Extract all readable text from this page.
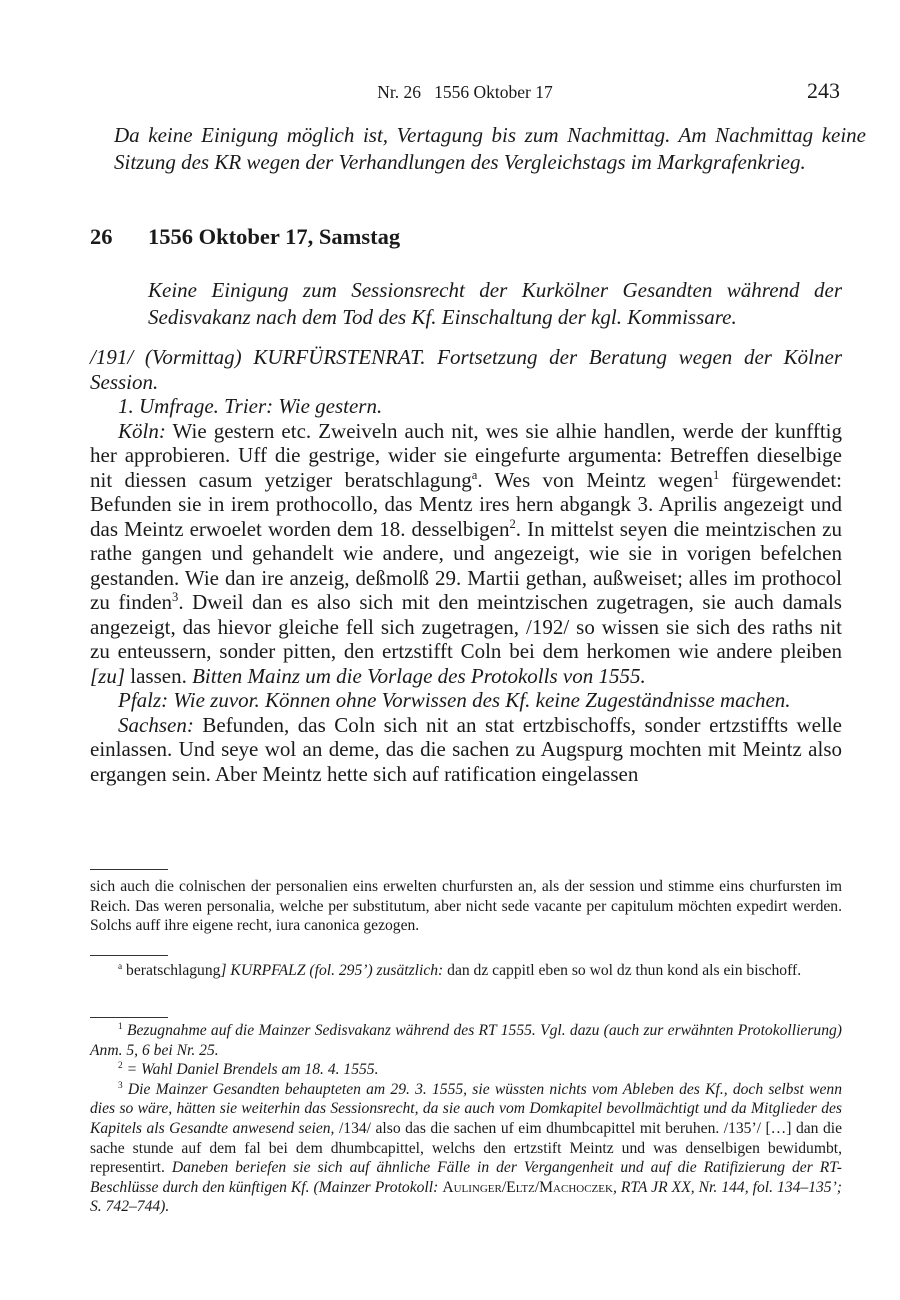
Nr. 26   1556 Oktober 17	243

Da keine Einigung möglich ist, Vertagung bis zum Nachmittag. Am Nachmittag keine Sitzung des KR wegen der Verhandlungen des Vergleichstags im Markgrafenkrieg.

26 1556 Oktober 17, Samstag

Keine Einigung zum Sessionsrecht der Kurkölner Gesandten während der Sedisvakanz nach dem Tod des Kf. Einschaltung der kgl. Kommissare.

/191/ (Vormittag) KURFÜRSTENRAT. Fortsetzung der Beratung wegen der Kölner Session.

1. Umfrage. Trier: Wie gestern.

Köln: Wie gestern etc. Zweiveln auch nit, wes sie alhie handlen, werde der kunfftig her approbieren. Uff die gestrige, wider sie eingefurte argumenta: Betreffen dieselbige nit diessen casum yetziger beratschlagung$^a$. Wes von Meintz wegen$^1$ fürgewendet: Befunden sie in irem prothocollo, das Mentz ires hern abgangk 3. Aprilis angezeigt und das Meintz erwoelet worden dem 18. desselbigen$^2$. In mittelst seyen die meintzischen zu rathe gangen und gehandelt wie andere, und angezeigt, wie sie in vorigen befelchen gestanden. Wie dan ire anzeig, deßmolß 29. Martii gethan, außweiset; alles im prothocol zu finden$^3$. Dweil dan es also sich mit den meintzischen zugetragen, sie auch damals angezeigt, das hievor gleiche fell sich zugetragen, /192/ so wissen sie sich des raths nit zu enteussern, sonder pitten, den ertzstifft Coln bei dem herkomen wie andere pleiben [zu] lassen. Bitten Mainz um die Vorlage des Protokolls von 1555.

Pfalz: Wie zuvor. Können ohne Vorwissen des Kf. keine Zugeständnisse machen.

Sachsen: Befunden, das Coln sich nit an stat ertzbischoffs, sonder ertzstiffts welle einlassen. Und seye wol an deme, das die sachen zu Augspurg mochten mit Meintz also ergangen sein. Aber Meintz hette sich auf ratification eingelassen

sich auch die colnischen der personalien eins erwelten churfursten an, als der session und stimme eins churfursten im Reich. Das weren personalia, welche per substitutum, aber nicht sede vacante per capitulum möchten expedirt werden. Solchs auff ihre eigene recht, iura canonica gezogen.

$^a$ beratschlagung] KURPFALZ (fol. 295’) zusätzlich: dan dz cappitl eben so wol dz thun kond als ein bischoff.

$^1$ Bezugnahme auf die Mainzer Sedisvakanz während des RT 1555. Vgl. dazu (auch zur erwähnten Protokollierung) Anm. 5, 6 bei Nr. 25.

$^2$ = Wahl Daniel Brendels am 18. 4. 1555.

$^3$ Die Mainzer Gesandten behaupteten am 29. 3. 1555, sie wüssten nichts vom Ableben des Kf., doch selbst wenn dies so wäre, hätten sie weiterhin das Sessionsrecht, da sie auch vom Domkapitel bevollmächtigt und da Mitglieder des Kapitels als Gesandte anwesend seien, /134/ also das die sachen uf eim dhumbcapittel mit beruhen. /135’/ […] dan die sache stunde auf dem fal bei dem dhumbcapittel, welchs den ertzstift Meintz und was denselbigen bewidumbt, representirt. Daneben beriefen sie sich auf ähnliche Fälle in der Vergangenheit und auf die Ratifizierung der RT-Beschlüsse durch den künftigen Kf. (Mainzer Protokoll: Aulinger/Eltz/Machoczek, RTA JR XX, Nr. 144, fol. 134–135’; S. 742–744).
